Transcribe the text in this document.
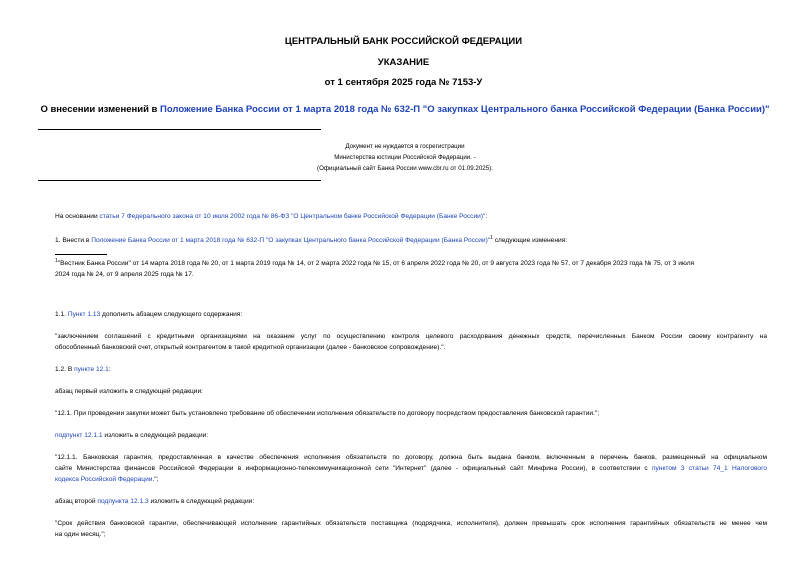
ЦЕНТРАЛЬНЫЙ БАНК РОССИЙСКОЙ ФЕДЕРАЦИИ
УКАЗАНИЕ
от 1 сентября 2025 года № 7153-У
О внесении изменений в Положение Банка России от 1 марта 2018 года № 632-П "О закупках Центрального банка Российской Федерации (Банка России)"
Документ не нуждается в госрегистрации
Министерства юстиции Российской Федерации. -
(Официальный сайт Банка России www.cbr.ru от 01.09.2025).
На основании статьи 7 Федерального закона от 10 июля 2002 года № 86-ФЗ "О Центральном банке Российской Федерации (Банке России)":
1. Внести в Положение Банка России от 1 марта 2018 года № 632-П "О закупках Центрального банка Российской Федерации (Банка России)"$^1$ следующие изменения:
$^1$"Вестник Банка России" от 14 марта 2018 года № 20, от 1 марта 2019 года № 14, от 2 марта 2022 года № 15, от 6 апреля 2022 года № 20, от 9 августа 2023 года № 57, от 7 декабря 2023 года № 75, от 3 июля
2024 года № 24, от 9 апреля 2025 года № 17.
1.1. Пункт 1.13 дополнить абзацем следующего содержания:
"заключением соглашений с кредитными организациями на оказание услуг по осуществлению контроля целевого расходования денежных средств, перечисленных Банком России своему контрагенту на
обособленный банковский счет, открытый контрагентом в такой кредитной организации (далее - банковское сопровождение).".
1.2. В пункте 12.1:
абзац первый изложить в следующей редакции:
"12.1. При проведении закупки может быть установлено требование об обеспечении исполнения обязательств по договору посредством предоставления банковской гарантии.";
подпункт 12.1.1 изложить в следующей редакции:
"12.1.1. Банковская гарантия, предоставленная в качестве обеспечения исполнения обязательств по договору, должна быть выдана банком, включенным в перечень банков, размещенный на официальном
сайте Министерства финансов Российской Федерации в информационно-телекоммуникационной сети "Интернет" (далее - официальный сайт Минфина России), в соответствии с пунктом 3 статьи 74_1 Налогового
кодекса Российской Федерации.";
абзац второй подпункта 12.1.3 изложить в следующей редакции:
"Срок действия банковской гарантии, обеспечивающей исполнение гарантийных обязательств поставщика (подрядчика, исполнителя), должен превышать срок исполнения гарантийных обязательств не менее чем
на один месяц.";
